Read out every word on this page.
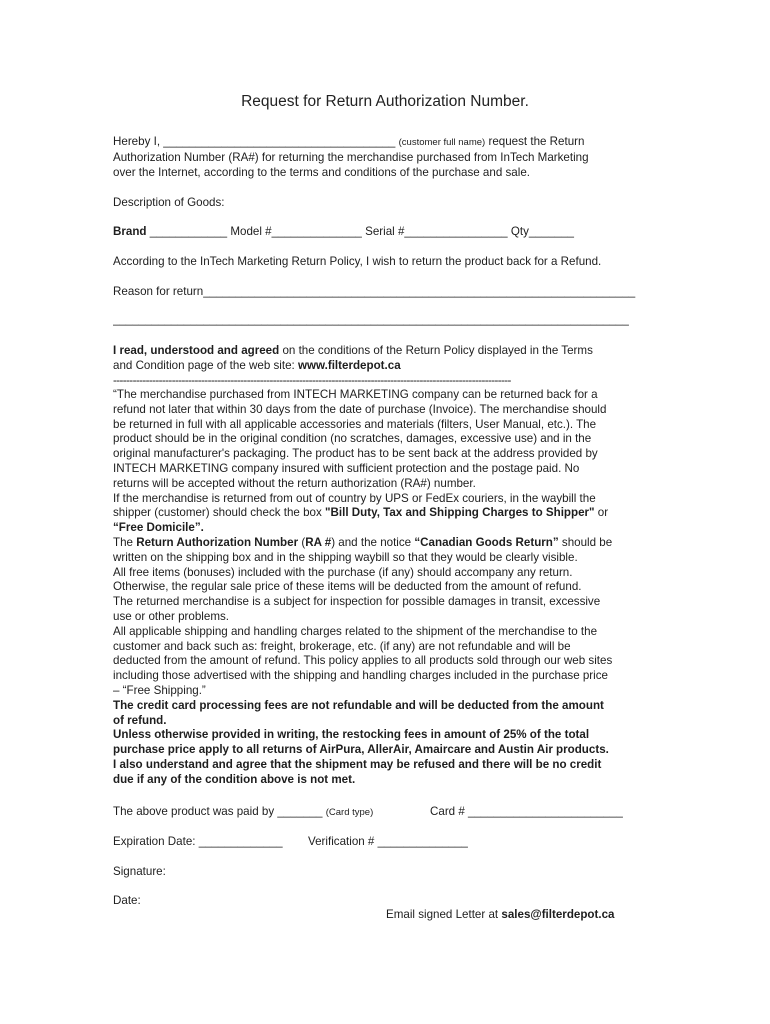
Request for Return Authorization Number.
Hereby I, ____________________________________ (customer full name) request the Return
Authorization Number (RA#) for returning the merchandise purchased from InTech Marketing
over the Internet, according to the terms and conditions of the purchase and sale.
Description of Goods:
Brand ____________ Model #______________ Serial #________________ Qty_______
According to the InTech Marketing Return Policy, I wish to return the product back for a Refund.
Reason for return___________________________________________________________________
________________________________________________________________________________
I read, understood and agreed on the conditions of the Return Policy displayed in the Terms
and Condition page of the web site: www.filterdepot.ca
--------------------------------------------------------------------------------------------------------------------------
“The merchandise purchased from INTECH MARKETING company can be returned back for a
refund not later that within 30 days from the date of purchase (Invoice). The merchandise should
be returned in full with all applicable accessories and materials (filters, User Manual, etc.). The
product should be in the original condition (no scratches, damages, excessive use) and in the
original manufacturer's packaging. The product has to be sent back at the address provided by
INTECH MARKETING company insured with sufficient protection and the postage paid. No
returns will be accepted without the return authorization (RA#) number.
If the merchandise is returned from out of country by UPS or FedEx couriers, in the waybill the
shipper (customer) should check the box "Bill Duty, Tax and Shipping Charges to Shipper" or
“Free Domicile”.
The Return Authorization Number (RA #) and the notice “Canadian Goods Return” should be
written on the shipping box and in the shipping waybill so that they would be clearly visible.
All free items (bonuses) included with the purchase (if any) should accompany any return.
Otherwise, the regular sale price of these items will be deducted from the amount of refund.
The returned merchandise is a subject for inspection for possible damages in transit, excessive
use or other problems.
All applicable shipping and handling charges related to the shipment of the merchandise to the
customer and back such as: freight, brokerage, etc. (if any) are not refundable and will be
deducted from the amount of refund. This policy applies to all products sold through our web sites
including those advertised with the shipping and handling charges included in the purchase price
– “Free Shipping.”
The credit card processing fees are not refundable and will be deducted from the amount
of refund.
Unless otherwise provided in writing, the restocking fees in amount of 25% of the total
purchase price apply to all returns of AirPura, AllerAir, Amaircare and Austin Air products.
I also understand and agree that the shipment may be refused and there will be no credit
due if any of the condition above is not met.
The above product was paid by _______ (Card type)	Card # ________________________
Expiration Date: _____________ Verification # ______________
Signature:
Date:
Email signed Letter at sales@filterdepot.ca
